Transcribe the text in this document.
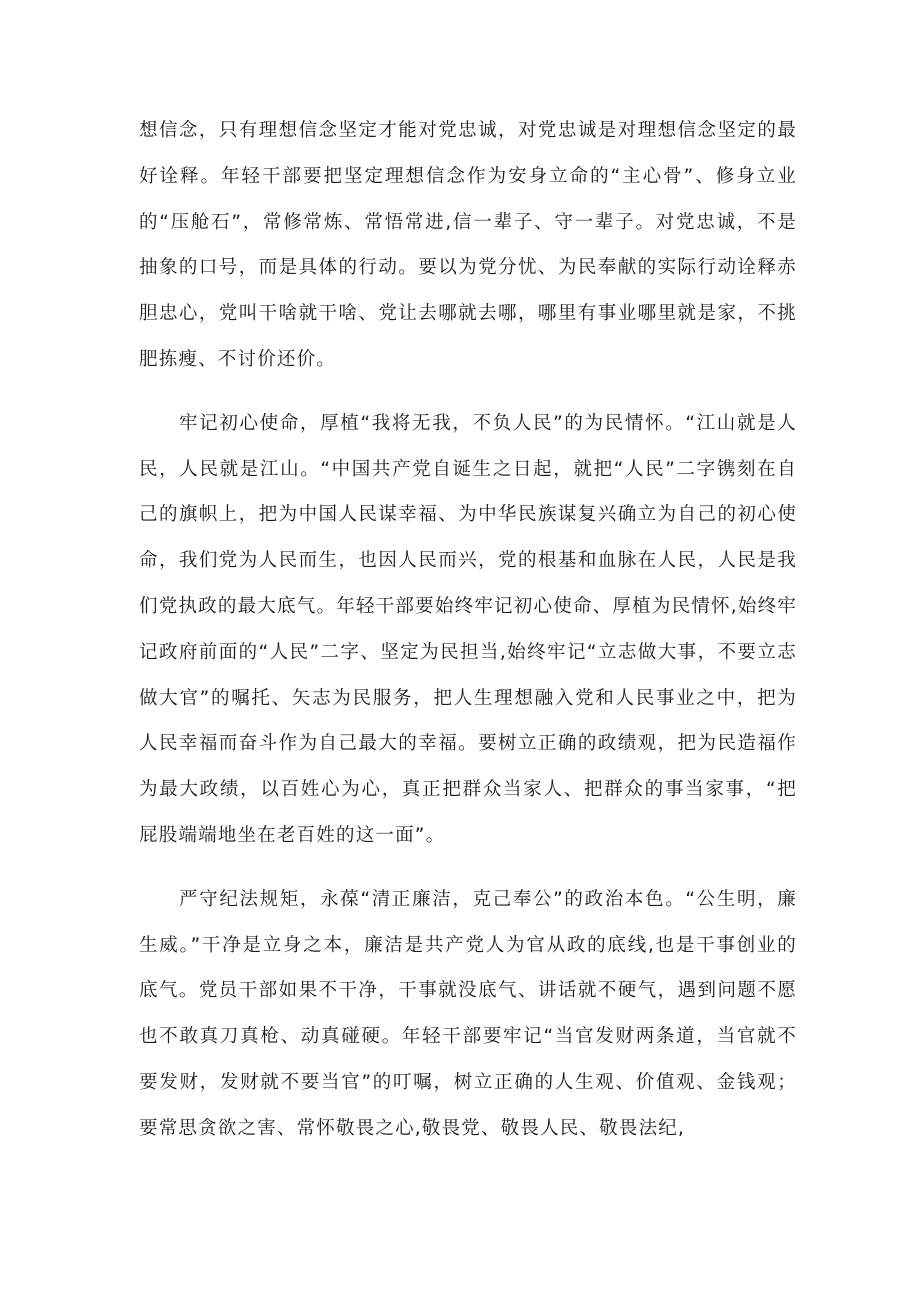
想信念，只有理想信念坚定才能对党忠诚，对党忠诚是对理想信念坚定的最好诠释。年轻干部要把坚定理想信念作为安身立命的“主心骨”、修身立业的“压舱石”，常修常炼、常悟常进,信一辈子、守一辈子。对党忠诚，不是抽象的口号，而是具体的行动。要以为党分忧、为民奉献的实际行动诠释赤胆忠心，党叫干啥就干啥、党让去哪就去哪，哪里有事业哪里就是家，不挑肥拣瘦、不讨价还价。

牢记初心使命，厚植“我将无我，不负人民”的为民情怀。“江山就是人民，人民就是江山。“中国共产党自诞生之日起，就把“人民”二字镌刻在自己的旗帜上，把为中国人民谋幸福、为中华民族谋复兴确立为自己的初心使命，我们党为人民而生，也因人民而兴，党的根基和血脉在人民，人民是我们党执政的最大底气。年轻干部要始终牢记初心使命、厚植为民情怀,始终牢记政府前面的“人民”二字、坚定为民担当,始终牢记“立志做大事，不要立志做大官”的嘱托、矢志为民服务，把人生理想融入党和人民事业之中，把为人民幸福而奋斗作为自己最大的幸福。要树立正确的政绩观，把为民造福作为最大政绩，以百姓心为心，真正把群众当家人、把群众的事当家事，“把屁股端端地坐在老百姓的这一面”。

严守纪法规矩，永葆“清正廉洁，克己奉公”的政治本色。“公生明，廉生威。”干净是立身之本，廉洁是共产党人为官从政的底线,也是干事创业的底气。党员干部如果不干净，干事就没底气、讲话就不硬气，遇到问题不愿也不敢真刀真枪、动真碰硬。年轻干部要牢记“当官发财两条道，当官就不要发财，发财就不要当官”的叮嘱，树立正确的人生观、价值观、金钱观；要常思贪欲之害、常怀敬畏之心,敬畏党、敬畏人民、敬畏法纪,
